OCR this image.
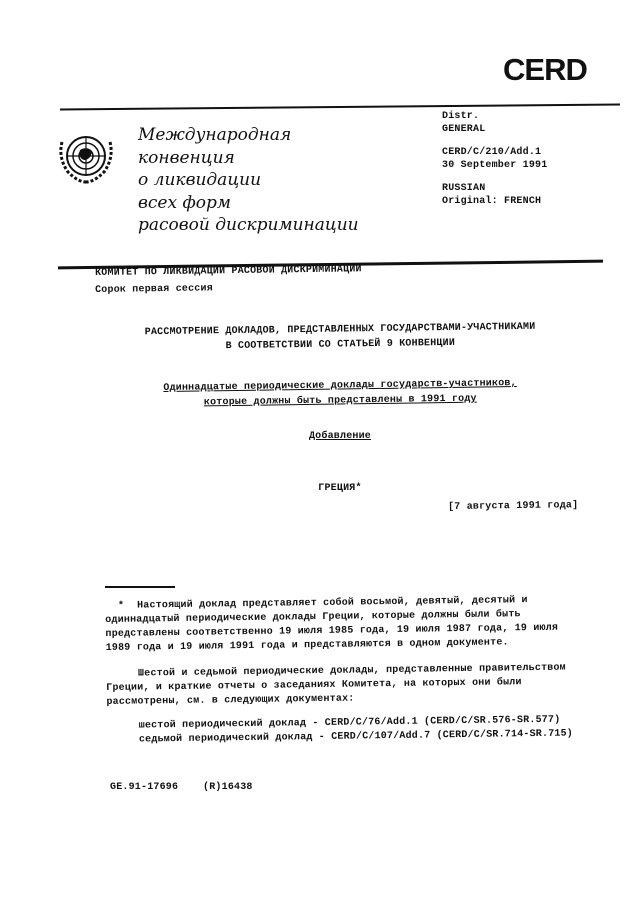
CERD
Международная
конвенция
о ликвидации
всех форм
расовой дискриминации
Distr.
GENERAL
CERD/C/210/Add.1
30 September 1991
RUSSIAN
Original: FRENCH
КОМИТЕТ ПО ЛИКВИДАЦИИ РАСОВОЙ ДИСКРИМИНАЦИИ
Сорок первая сессия
РАССМОТРЕНИЕ ДОКЛАДОВ, ПРЕДСТАВЛЕННЫХ ГОСУДАРСТВАМИ-УЧАСТНИКАМИ
В СООТВЕТСТВИИ СО СТАТЬЕЙ 9 КОНВЕНЦИИ
Одиннадцатые периодические доклады государств-участников,
которые должны быть представлены в 1991 году
Добавление
ГРЕЦИЯ*
[7 августа 1991 года]
* Настоящий доклад представляет собой восьмой, девятый, десятый и
одиннадцатый периодические доклады Греции, которые должны были быть
представлены соответственно 19 июля 1985 года, 19 июля 1987 года, 19 июля
1989 года и 19 июля 1991 года и представляются в одном документе.
Шестой и седьмой периодические доклады, представленные правительством
Греции, и краткие отчеты о заседаниях Комитета, на которых они были
рассмотрены, см. в следующих документах:
шестой периодический доклад - CERD/C/76/Add.1 (CERD/C/SR.576-SR.577)
седьмой периодический доклад - CERD/C/107/Add.7 (CERD/C/SR.714-SR.715)
GE.91-17696    (R)16438
